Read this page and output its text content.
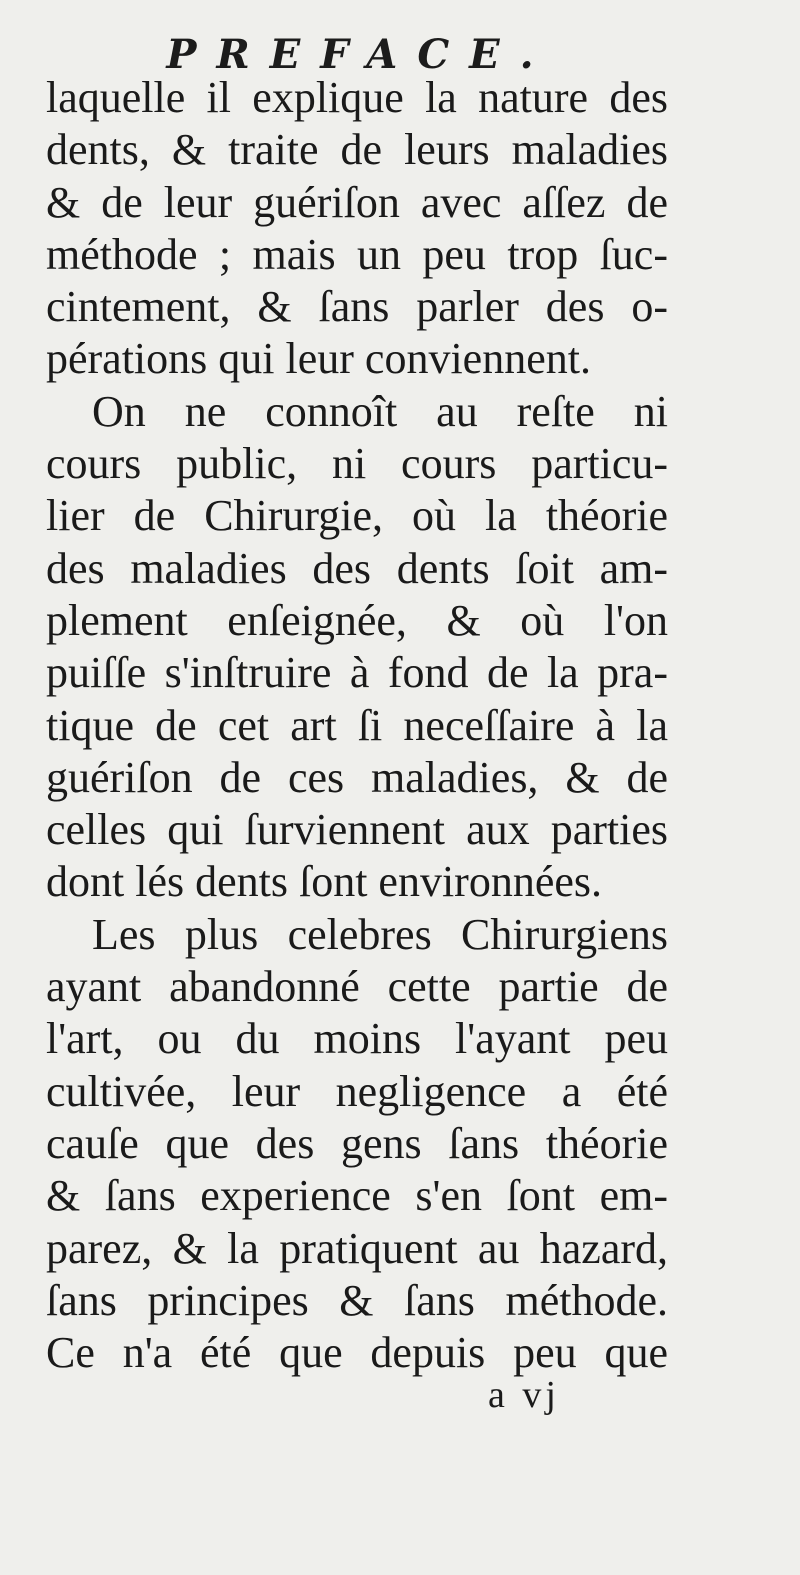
PREFACE.
laquelle il explique la nature des
dents, & traite de leurs maladies
& de leur guériſon avec aſſez de
méthode ; mais un peu trop ſuc-
cintement, & ſans parler des o-
pérations qui leur conviennent.
On ne connoît au reſte ni
cours public, ni cours particu-
lier de Chirurgie, où la théorie
des maladies des dents ſoit am-
plement enſeignée, & où l'on
puiſſe s'inſtruire à fond de la pra-
tique de cet art ſi neceſſaire à la
guériſon de ces maladies, & de
celles qui ſurviennent aux parties
dont lés dents ſont environnées.
Les plus celebres Chirurgiens
ayant abandonné cette partie de
l'art, ou du moins l'ayant peu
cultivée, leur negligence a été
cauſe que des gens ſans théorie
& ſans experience s'en ſont em-
parez, & la pratiquent au hazard,
ſans principes & ſans méthode.
Ce n'a été que depuis peu que
a vj
